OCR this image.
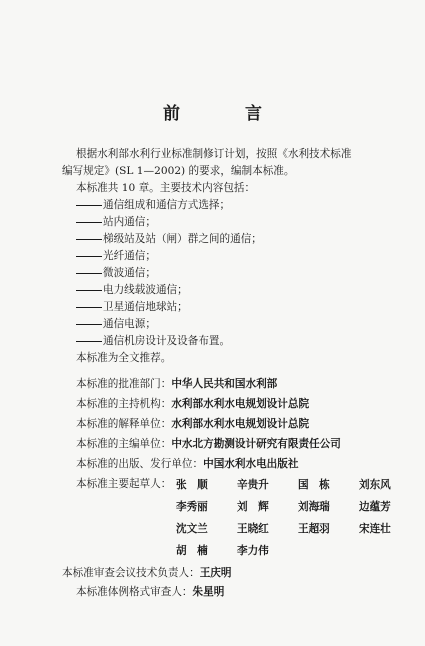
前　言
根据水利部水利行业标准制修订计划，按照《水利技术标准
编写规定》(SL 1—2002) 的要求，编制本标准。
本标准共 10 章。主要技术内容包括：
通信组成和通信方式选择；
站内通信；
梯级站及站（闸）群之间的通信；
光纤通信；
微波通信；
电力线载波通信；
卫星通信地球站；
通信电源；
通信机房设计及设备布置。
本标准为全文推荐。
本标准的批准部门：中华人民共和国水利部
本标准的主持机构：水利部水利水电规划设计总院
本标准的解释单位：水利部水利水电规划设计总院
本标准的主编单位：中水北方勘测设计研究有限责任公司
本标准的出版、发行单位：中国水利水电出版社
本标准主要起草人： 张　顺	辛贵升	国　栋	刘东风
李秀丽	刘　辉	刘海瑞	边蕴芳
沈文兰	王晓红	王超羽	宋连壮
胡　楠	李力伟
本标准审查会议技术负责人：王庆明
本标准体例格式审查人：朱星明
